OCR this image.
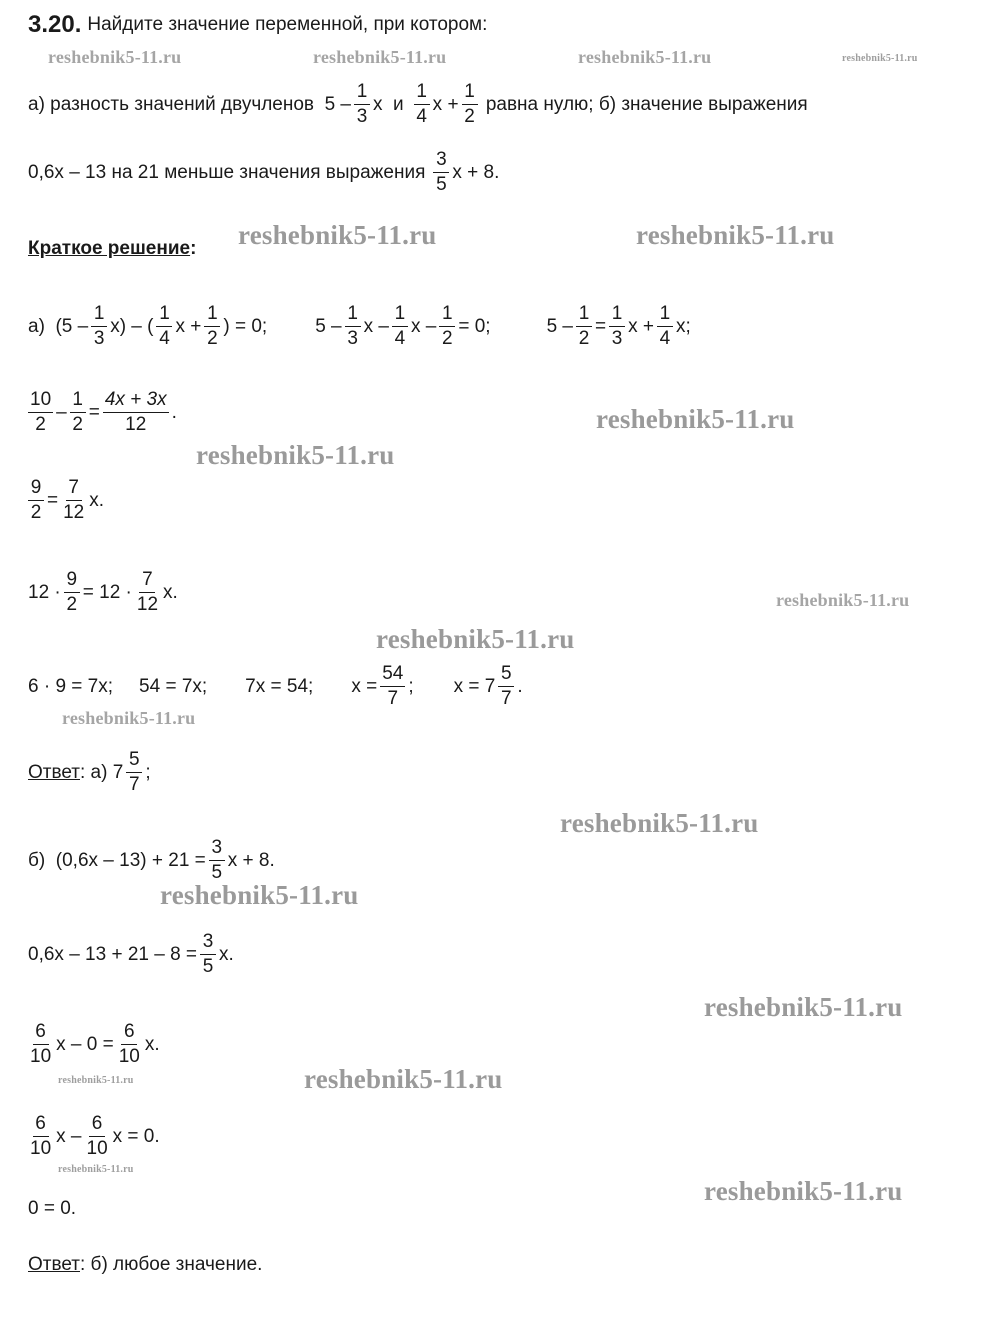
3.20. Найдите значение переменной, при котором:
а) разность значений двучленов  $5 - \frac{1}{3}$ x  и $\frac{1}{4}$ $x + \frac{1}{2}$ равна нулю; б) значение выражения
0,6x – 13 на 21 меньше значения выражения $\frac{3}{5}$ x + 8.
Краткое решение :
а)  $(5 - \frac{1}{3} x)$ – ( $\frac{1}{4}$ $x + \frac{1}{2}$ ) = 0;	$5 - \frac{1}{3}$ x – $\frac{1}{4}$ $x - \frac{1}{2} = 0$;	$5 - \frac{1}{2} = \frac{1}{3}$ $x + \frac{1}{4} x$;
$\frac{10}{2} - \frac{1}{2} = \frac{4x + 3x}{12}$ .
$\frac{9}{2} = \frac{7}{12} x$.
$12 \cdot \frac{9}{2} = 12 \cdot \frac{7}{12} x$.
6 · 9 = 7x; 54 = 7x; 7x = 54; $x = \frac{54}{7}$ ; $x = 7 \frac{5}{7}$ .
Ответ : а) $7 \frac{5}{7}$ ;
б)  $(0,6x - 13) + 21 = \frac{3}{5}$ x + 8.
$0,6x - 13 + 21 - 8 = \frac{3}{5} x$.
$\frac{6}{10}$ $x - 0 = \frac{6}{10} x$.
$\frac{6}{10}$ x – $\frac{6}{10}$ x = 0.
0 = 0.
Ответ : б) любое значение.
reshebnik5-11.ru	reshebnik5-11.ru	reshebnik5-11.ru	reshebnik5-11.ru
reshebnik5-11.ru	reshebnik5-11.ru
reshebnik5-11.ru
reshebnik5-11.ru
reshebnik5-11.ru
reshebnik5-11.ru
reshebnik5-11.ru
reshebnik5-11.ru
reshebnik5-11.ru
reshebnik5-11.ru
reshebnik5-11.ru	reshebnik5-11.ru
reshebnik5-11.ru
reshebnik5-11.ru
